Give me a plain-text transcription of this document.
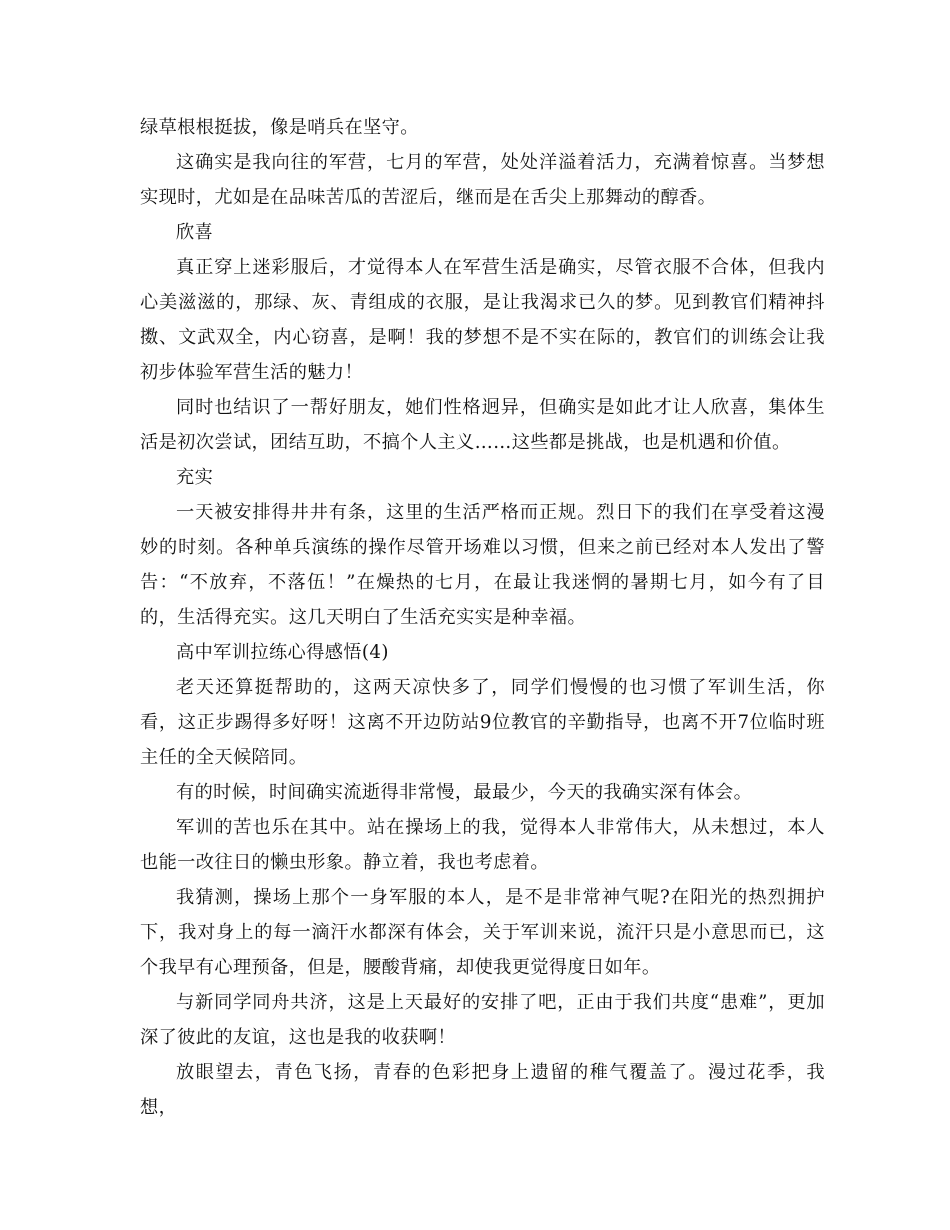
绿草根根挺拔，像是哨兵在坚守。

这确实是我向往的军营，七月的军营，处处洋溢着活力，充满着惊喜。当梦想实现时，尤如是在品味苦瓜的苦涩后，继而是在舌尖上那舞动的醇香。

欣喜

真正穿上迷彩服后，才觉得本人在军营生活是确实，尽管衣服不合体，但我内心美滋滋的，那绿、灰、青组成的衣服，是让我渴求已久的梦。见到教官们精神抖擞、文武双全，内心窃喜，是啊！我的梦想不是不实在际的，教官们的训练会让我初步体验军营生活的魅力！

同时也结识了一帮好朋友，她们性格迥异，但确实是如此才让人欣喜，集体生活是初次尝试，团结互助，不搞个人主义……这些都是挑战，也是机遇和价值。

充实

一天被安排得井井有条，这里的生活严格而正规。烈日下的我们在享受着这漫妙的时刻。各种单兵演练的操作尽管开场难以习惯，但来之前已经对本人发出了警告：“不放弃，不落伍！”在燥热的七月，在最让我迷惘的暑期七月，如今有了目的，生活得充实。这几天明白了生活充实实是种幸福。

高中军训拉练心得感悟(4)

老天还算挺帮助的，这两天凉快多了，同学们慢慢的也习惯了军训生活，你看，这正步踢得多好呀！这离不开边防站9位教官的辛勤指导，也离不开7位临时班主任的全天候陪同。

有的时候，时间确实流逝得非常慢，最最少，今天的我确实深有体会。

军训的苦也乐在其中。站在操场上的我，觉得本人非常伟大，从未想过，本人也能一改往日的懒虫形象。静立着，我也考虑着。

我猜测，操场上那个一身军服的本人，是不是非常神气呢?在阳光的热烈拥护下，我对身上的每一滴汗水都深有体会，关于军训来说，流汗只是小意思而已，这个我早有心理预备，但是，腰酸背痛，却使我更觉得度日如年。

与新同学同舟共济，这是上天最好的安排了吧，正由于我们共度“患难”，更加深了彼此的友谊，这也是我的收获啊！

放眼望去，青色飞扬，青春的色彩把身上遗留的稚气覆盖了。漫过花季，我想，
